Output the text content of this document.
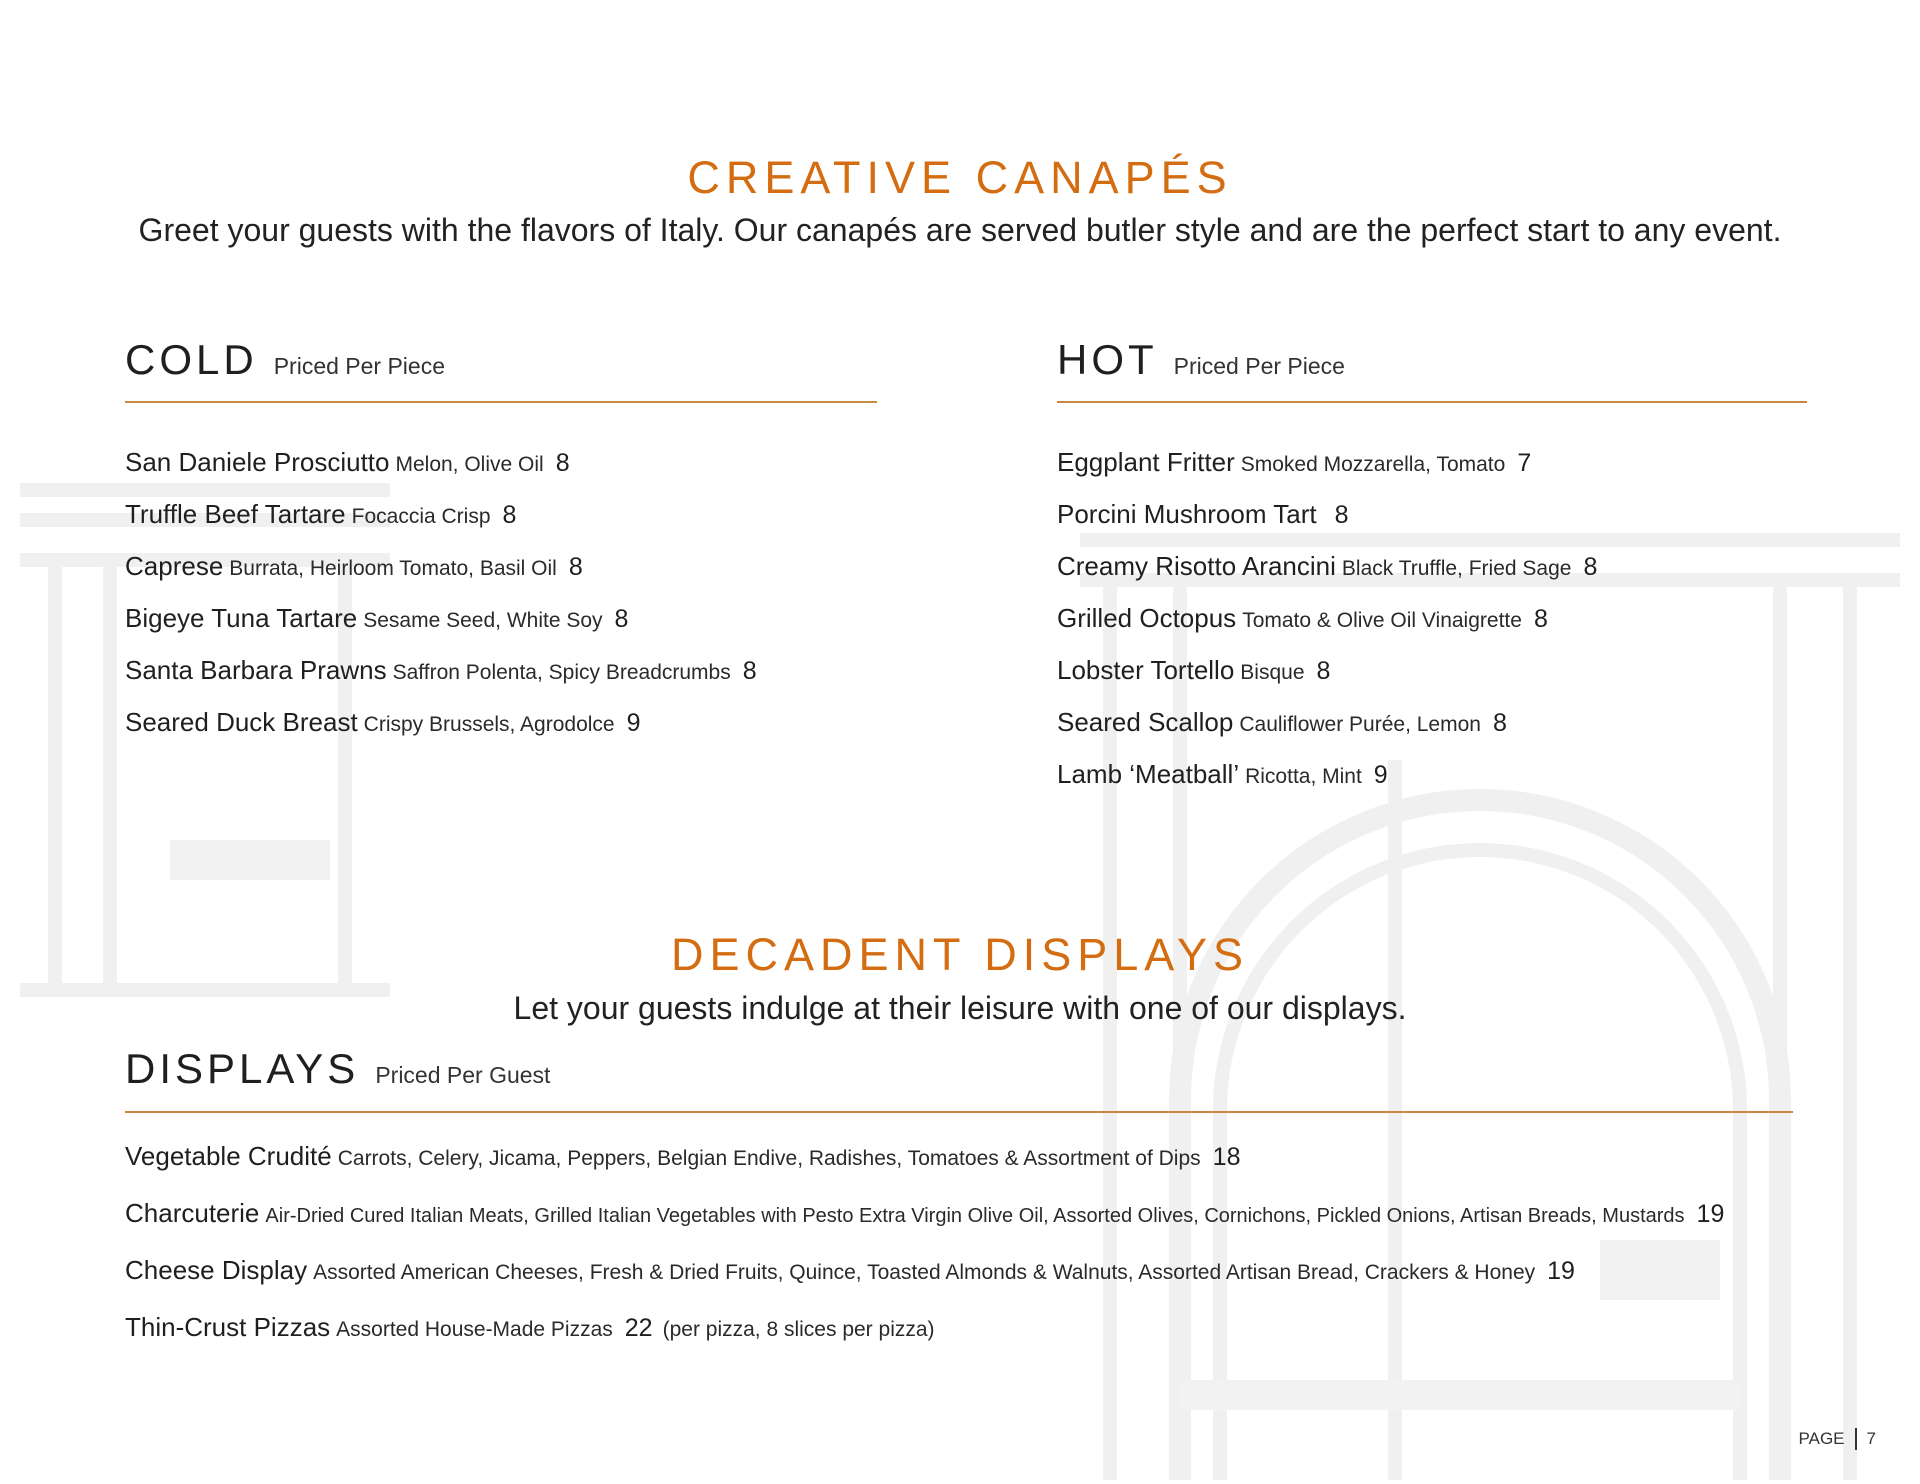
CREATIVE CANAPÉS

Greet your guests with the flavors of Italy. Our canapés are served butler style and are the perfect start to any event.

COLD Priced Per Piece
San Daniele Prosciutto Melon, Olive Oil 8
Truffle Beef Tartare Focaccia Crisp 8
Caprese Burrata, Heirloom Tomato, Basil Oil 8
Bigeye Tuna Tartare Sesame Seed, White Soy 8
Santa Barbara Prawns Saffron Polenta, Spicy Breadcrumbs 8
Seared Duck Breast Crispy Brussels, Agrodolce 9
HOT Priced Per Piece
Eggplant Fritter Smoked Mozzarella, Tomato 7
Porcini Mushroom Tart 8
Creamy Risotto Arancini Black Truffle, Fried Sage 8
Grilled Octopus Tomato & Olive Oil Vinaigrette 8
Lobster Tortello Bisque 8
Seared Scallop Cauliflower Purée, Lemon 8
Lamb ‘Meatball’ Ricotta, Mint 9
DECADENT DISPLAYS

Let your guests indulge at their leisure with one of our displays.

DISPLAYS Priced Per Guest
Vegetable Crudité Carrots, Celery, Jicama, Peppers, Belgian Endive, Radishes, Tomatoes & Assortment of Dips 18
Charcuterie Air-Dried Cured Italian Meats, Grilled Italian Vegetables with Pesto Extra Virgin Olive Oil, Assorted Olives, Cornichons, Pickled Onions, Artisan Breads, Mustards 19
Cheese Display Assorted American Cheeses, Fresh & Dried Fruits, Quince, Toasted Almonds & Walnuts, Assorted Artisan Bread, Crackers & Honey 19
Thin-Crust Pizzas Assorted House-Made Pizzas 22 (per pizza, 8 slices per pizza)
PAGE 7
